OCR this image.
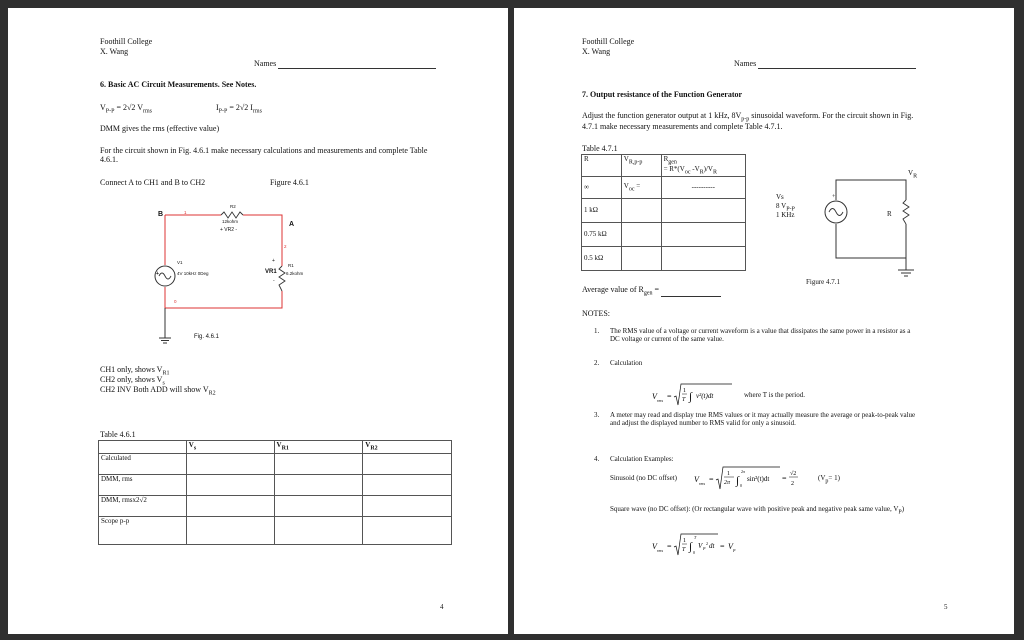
Foothill College
X. Wang
Names
6. Basic AC Circuit Measurements. See Notes.
$V_{P-P} = 2√2$ $V_{rms}$	$I_{P-P} = 2√2$ $I_{rms}$
DMM gives the rms (effective value)
For the circuit shown in Fig. 4.6.1 make necessary calculations and measurements and complete Table 4.6.1.
Connect A to CH1 and B to CH2	Figure 4.6.1
B
A
R2
12kohm
+ VR2 -
1
2
0
+
V1
4V 10kHz 0Deg
+
VR1
-
R1
6.2kohm
Fig. 4.6.1
CH1 only, shows $V_{R1}$
CH2 only, shows $V_s$
CH2 INV Both ADD will show $V_{R2}$
Table 4.6.1
	$V_s$	$V_{R1}$	$V_{R2}$
Calculated			
DMM, rms			
DMM, rmsx2√2			
Scope p-p			
4
Foothill College
X. Wang
Names
7. Output resistance of the Function Generator
Adjust the function generator output at 1 kHz, $8V_{p-p}$ sinusoidal waveform. For the circuit shown in Fig. 4.7.1 make necessary measurements and complete Table 4.7.1.
Table 4.7.1
R	$V_{R,p-p}$	$R_{gen}$
= $R*(V_{oc}$ $-V_R)/V_R$
∞	$V_{oc}$ =	----------
1 kΩ		
0.75 kΩ		
0.5 kΩ		
Average value of $R_{gen}$ =
+
$V_R$
Vs
8 $V_{P-P}$
1 KHz	R
Figure 4.7.1
NOTES:
1. The RMS value of a voltage or current waveform is a value that dissipates the same power in a resistor as a DC voltage or current of the same value.
2. Calculation
V rms =
1
T ∫ v²(t)dt	where T is the period.
3. A meter may read and display true RMS values or it may actually measure the average or peak-to-peak value and adjust the displayed number to RMS valid for only a sinusoid.
4. Calculation Examples:
Sinusoid (no DC offset) V rms =
1
2π ∫
2π
0
sin²(t)dt = √2
2
$(V_p= 1)$
Square wave (no DC offset): (Or rectangular wave with positive peak and negative peak same value, $V_P$)
V rms =
1
T ∫
T
0
V P
2 dt = V P
5
